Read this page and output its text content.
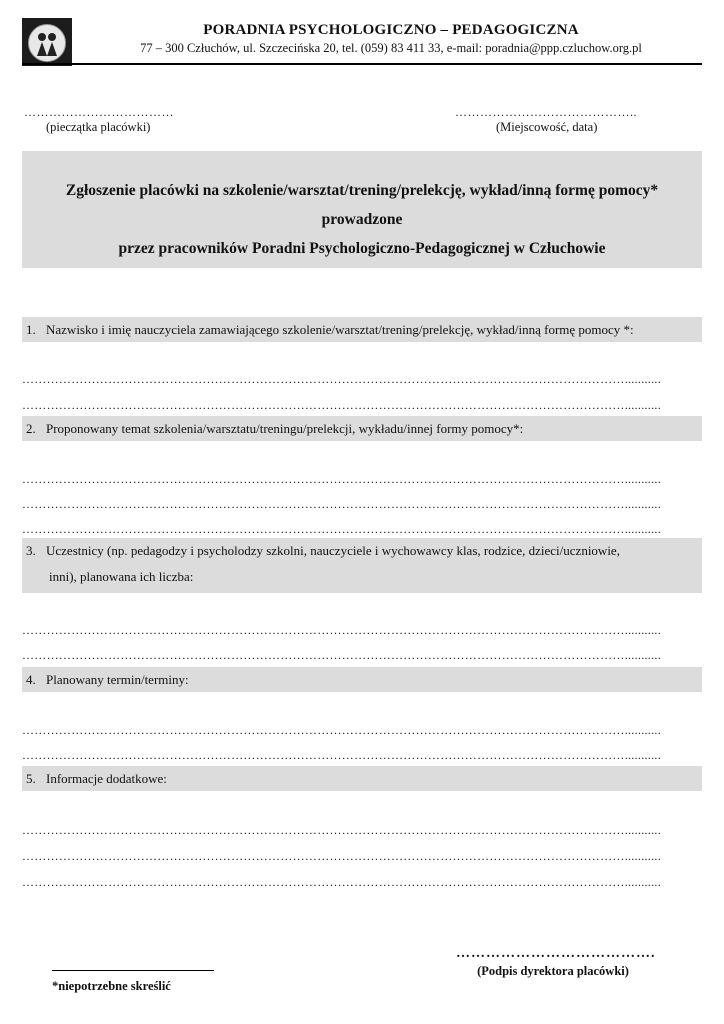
PORADNIA PSYCHOLOGICZNO – PEDAGOGICZNA
77 – 300 Człuchów, ul. Szczecińska 20, tel. (059) 83 411 33, e-mail: poradnia@ppp.czluchow.org.pl
………………………………
(pieczątka placówki)
……………………………………..
(Miejscowość, data)
Zgłoszenie placówki na szkolenie/warsztat/trening/prelekcję, wykład/inną formę pomocy*
prowadzone
przez pracowników Poradni Psychologiczno-Pedagogicznej w Człuchowie
1. Nazwisko i imię nauczyciela zamawiającego szkolenie/warsztat/trening/prelekcję, wykład/inną formę pomocy *:
…………………………………………………………………………………………………………………………………...........
…………………………………………………………………………………………………………………………………...........
2. Proponowany temat szkolenia/warsztatu/treningu/prelekcji, wykładu/innej formy pomocy*:
…………………………………………………………………………………………………………………………………...........
…………………………………………………………………………………………………………………………………...........
…………………………………………………………………………………………………………………………………...........
3. Uczestnicy (np. pedagodzy i psycholodzy szkolni, nauczyciele i wychowawcy klas, rodzice, dzieci/uczniowie,
inni), planowana ich liczba:
…………………………………………………………………………………………………………………………………...........
…………………………………………………………………………………………………………………………………...........
4. Planowany termin/terminy:
…………………………………………………………………………………………………………………………………...........
…………………………………………………………………………………………………………………………………...........
5. Informacje dodatkowe:
…………………………………………………………………………………………………………………………………...........
…………………………………………………………………………………………………………………………………...........
…………………………………………………………………………………………………………………………………...........
………………………………….
(Podpis dyrektora placówki)
*niepotrzebne skreślić
